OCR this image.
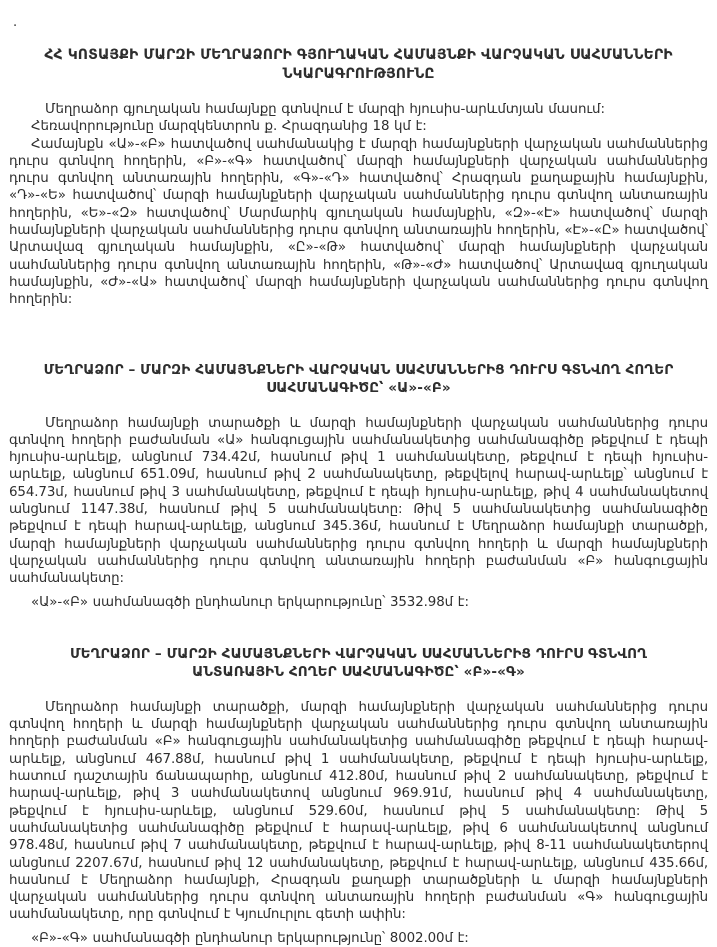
.
ՀՀ ԿՈՏԱՅՔԻ ՄԱՐԶԻ ՄԵՂՐԱՁՈՐԻ ԳՅՈՒՂԱԿԱՆ ՀԱՄԱՅՆՔԻ ՎԱՐՉԱԿԱՆ ՍԱՀՄԱՆՆԵՐԻ
ՆԿԱՐԱԳՐՈՒԹՅՈՒՆԸ

Մեղրաձոր գյուղական համայնքը գտնվում է մարզի հյուսիս-արևմտյան մասում:

Հեռավորությունը մարզկենտրոն ք. Հրազդանից 18 կմ է:

Համայնքն «Ա»-«Բ» հատվածով սահմանակից է մարզի համայնքների վարչական սահմաններից դուրս գտնվող հողերին, «Բ»-«Գ» հատվածով՝ մարզի համայնքների վարչական սահմաններից դուրս գտնվող անտառային հողերին, «Գ»-«Դ» հատվածով՝ Հրազդան քաղաքային համայնքին, «Դ»-«Ե» հատվածով՝ մարզի համայնքների վարչական սահմաններից դուրս գտնվող անտառային հողերին, «Ե»-«Զ» հատվածով՝ Մարմարիկ գյուղական համայնքին, «Զ»-«Է» հատվածով՝ մարզի համայնքների վարչական սահմաններից դուրս գտնվող անտառային հողերին, «Է»-«Ը» հատվածով՝ Արտավազ գյուղական համայնքին, «Ը»-«Թ» հատվածով՝ մարզի համայնքների վարչական սահմաններից դուրս գտնվող անտառային հողերին, «Թ»-«Ժ» հատվածով՝ Արտավազ գյուղական համայնքին, «Ժ»-«Ա» հատվածով՝ մարզի համայնքների վարչական սահմաններից դուրս գտնվող հողերին:

ՄԵՂՐԱՁՈՐ – ՄԱՐԶԻ ՀԱՄԱՅՆՔՆԵՐԻ ՎԱՐՉԱԿԱՆ ՍԱՀՄԱՆՆԵՐԻՑ ԴՈՒՐՍ ԳՏՆՎՈՂ ՀՈՂԵՐ
ՍԱՀՄԱՆԱԳԻԾԸ՝ «Ա»-«Բ»

Մեղրաձոր համայնքի տարածքի և մարզի համայնքների վարչական սահմաններից դուրս գտնվող հողերի բաժանման «Ա» հանգուցային սահմանակետից սահմանագիծը թեքվում է դեպի հյուսիս-արևելք, անցնում 734.42մ, հասնում թիվ 1 սահմանակետը, թեքվում է դեպի հյուսիս-արևելք, անցնում 651.09մ, հասնում թիվ 2 սահմանակետը, թեքվելով հարավ-արևելք՝ անցնում է 654.73մ, հասնում թիվ 3 սահմանակետը, թեքվում է դեպի հյուսիս-արևելք, թիվ 4 սահմանակետով անցնում 1147.38մ, հասնում թիվ 5 սահմանակետը: Թիվ 5 սահմանակետից սահմանագիծը թեքվում է դեպի հարավ-արևելք, անցնում 345.36մ, հասնում է Մեղրաձոր համայնքի տարածքի, մարզի համայնքների վարչական սահմաններից դուրս գտնվող հողերի և մարզի համայնքների վարչական սահմաններից դուրս գտնվող անտառային հողերի բաժանման «Բ» հանգուցային սահմանակետը:

«Ա»-«Բ» սահմանագծի ընդհանուր երկարությունը՝ 3532.98մ է:

ՄԵՂՐԱՁՈՐ – ՄԱՐԶԻ ՀԱՄԱՅՆՔՆԵՐԻ ՎԱՐՉԱԿԱՆ ՍԱՀՄԱՆՆԵՐԻՑ ԴՈՒՐՍ ԳՏՆՎՈՂ
ԱՆՏԱՌԱՅԻՆ ՀՈՂԵՐ ՍԱՀՄԱՆԱԳԻԾԸ՝ «Բ»-«Գ»

Մեղրաձոր համայնքի տարածքի, մարզի համայնքների վարչական սահմաններից դուրս գտնվող հողերի և մարզի համայնքների վարչական սահմաններից դուրս գտնվող անտառային հողերի բաժանման «Բ» հանգուցային սահմանակետից սահմանագիծը թեքվում է դեպի հարավ-արևելք, անցնում 467.88մ, հասնում թիվ 1 սահմանակետը, թեքվում է դեպի հյուսիս-արևելք, հատում դաշտային ճանապարհը, անցնում 412.80մ, հասնում թիվ 2 սահմանակետը, թեքվում է հարավ-արևելք, թիվ 3 սահմանակետով անցնում 969.91մ, հասնում թիվ 4 սահմանակետը, թեքվում է հյուսիս-արևելք, անցնում 529.60մ, հասնում թիվ 5 սահմանակետը: Թիվ 5 սահմանակետից սահմանագիծը թեքվում է հարավ-արևելք, թիվ 6 սահմանակետով անցնում 978.48մ, հասնում թիվ 7 սահմանակետը, թեքվում է հարավ-արևելք, թիվ 8-11 սահմանակետերով անցնում 2207.67մ, հասնում թիվ 12 սահմանակետը, թեքվում է հարավ-արևելք, անցնում 435.66մ, հասնում է Մեղրաձոր համայնքի, Հրազդան քաղաքի տարածքների և մարզի համայնքների վարչական սահմաններից դուրս գտնվող անտառային հողերի բաժանման «Գ» հանգուցային սահմանակետը, որը գտնվում է Կյումուրլու գետի ափին:

«Բ»-«Գ» սահմանագծի ընդհանուր երկարությունը՝ 8002.00մ է:
